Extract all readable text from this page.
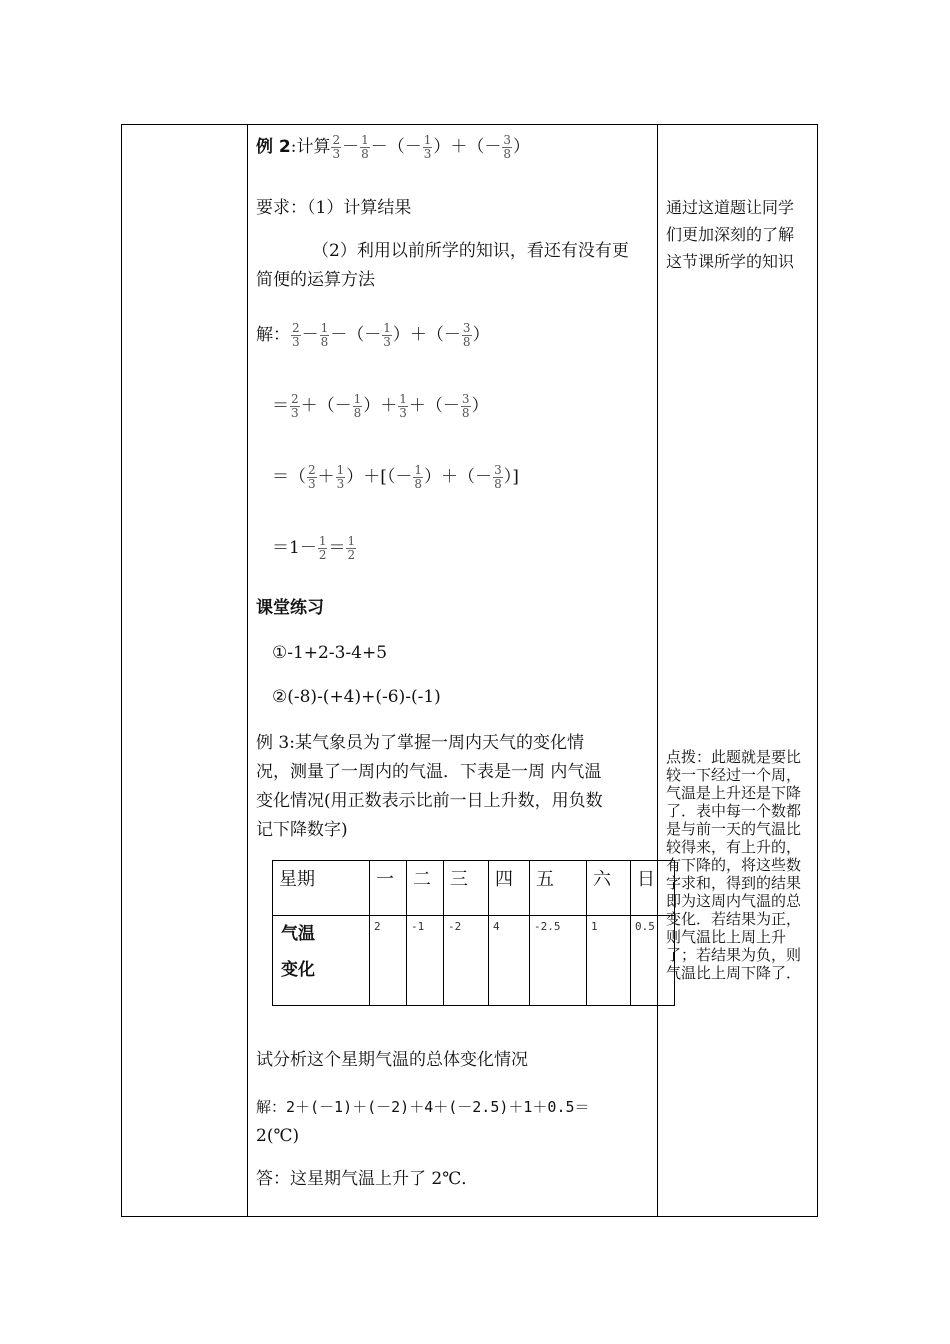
例 2:计算 $\frac{2}{3} - \frac{1}{8}$ －（－ $\frac{1}{3}$ ）＋（－ $\frac{3}{8}$ ）
要求：（1）计算结果
（2）利用以前所学的知识，看还有没有更
简便的运算方法
解： $\frac{2}{3} - \frac{1}{8}$ －（－ $\frac{1}{3}$ ）＋（－ $\frac{3}{8}$ ）
＝ $\frac{2}{3}$ ＋（－ $\frac{1}{8}$ ）＋ $\frac{1}{3}$ ＋（－ $\frac{3}{8}$ ）
＝（ $\frac{2}{3} + \frac{1}{3}$ ）＋[（－ $\frac{1}{8}$ ）＋（－ $\frac{3}{8}$ ）]
$=1- \frac{1}{2} = \frac{1}{2}$
课堂练习
①-1+2-3-4+5
②(-8)-(+4)+(-6)-(-1)
例 3:某气象员为了掌握一周内天气的变化情
况，测量了一周内的气温．下表是一周 内气温
变化情况(用正数表示比前一日上升数，用负数
记下降数字)
星期	一	二	三	四	五	六	日

气温
变化	2	-1	-2	4	-2.5	1	0.5
试分析这个星期气温的总体变化情况
解：2＋(－1)＋(－2)＋4＋(－2.5)＋1＋0.5＝
2(℃)
答：这星期气温上升了 2℃．
通过这道题让同学们更加深刻的了解这节课所学的知识
点拨：此题就是要比较一下经过一个周，气温是上升还是下降了．表中每一个数都是与前一天的气温比较得来，有上升的，有下降的，将这些数字求和，得到的结果即为这周内气温的总变化．若结果为正，则气温比上周上升了；若结果为负，则气温比上周下降了．
